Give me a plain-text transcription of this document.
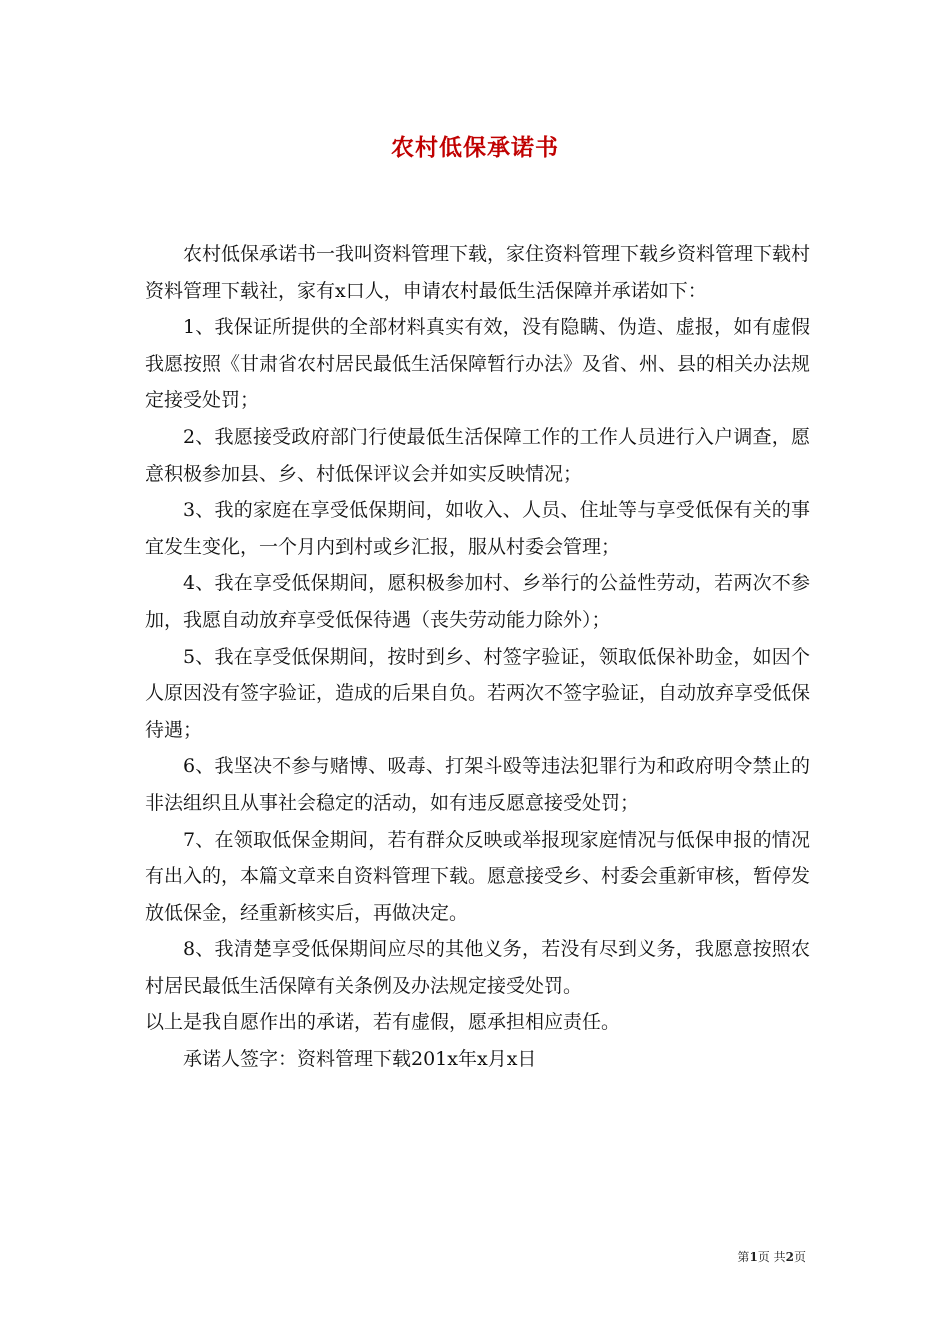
农村低保承诺书

农村低保承诺书一我叫资料管理下载，家住资料管理下载乡资料管理下载村资料管理下载社，家有x口人，申请农村最低生活保障并承诺如下：

1、我保证所提供的全部材料真实有效，没有隐瞒、伪造、虚报，如有虚假我愿按照《甘肃省农村居民最低生活保障暂行办法》及省、州、县的相关办法规定接受处罚；

2、我愿接受政府部门行使最低生活保障工作的工作人员进行入户调查，愿意积极参加县、乡、村低保评议会并如实反映情况；

3、我的家庭在享受低保期间，如收入、人员、住址等与享受低保有关的事宜发生变化，一个月内到村或乡汇报，服从村委会管理；

4、我在享受低保期间，愿积极参加村、乡举行的公益性劳动，若两次不参加，我愿自动放弃享受低保待遇（丧失劳动能力除外）；

5、我在享受低保期间，按时到乡、村签字验证，领取低保补助金，如因个人原因没有签字验证，造成的后果自负。若两次不签字验证，自动放弃享受低保待遇；

6、我坚决不参与赌博、吸毒、打架斗殴等违法犯罪行为和政府明令禁止的非法组织且从事社会稳定的活动，如有违反愿意接受处罚；

7、在领取低保金期间，若有群众反映或举报现家庭情况与低保申报的情况有出入的，本篇文章来自资料管理下载。愿意接受乡、村委会重新审核，暂停发放低保金，经重新核实后，再做决定。

8、我清楚享受低保期间应尽的其他义务，若没有尽到义务，我愿意按照农村居民最低生活保障有关条例及办法规定接受处罚。

以上是我自愿作出的承诺，若有虚假，愿承担相应责任。

承诺人签字：资料管理下载201x年x月x日

第1页 共2页
